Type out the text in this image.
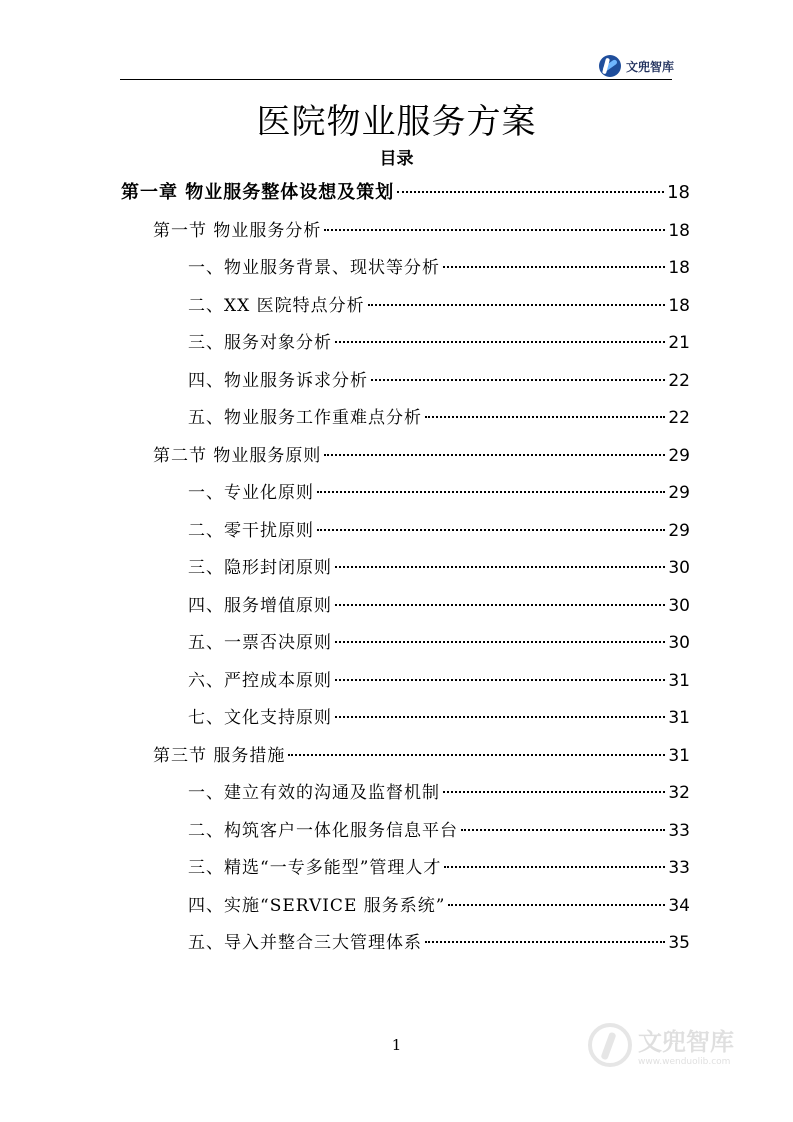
文兜智库
医院物业服务方案
目录
第一章 物业服务整体设想及策划	18
第一节 物业服务分析	18
一、物业服务背景、现状等分析	18
二、XX 医院特点分析	18
三、服务对象分析	21
四、物业服务诉求分析	22
五、物业服务工作重难点分析	22
第二节 物业服务原则	29
一、专业化原则	29
二、零干扰原则	29
三、隐形封闭原则	30
四、服务增值原则	30
五、一票否决原则	30
六、严控成本原则	31
七、文化支持原则	31
第三节 服务措施	31
一、建立有效的沟通及监督机制	32
二、构筑客户一体化服务信息平台	33
三、精选“一专多能型”管理人才	33
四、实施“SERVICE 服务系统”	34
五、导入并整合三大管理体系	35
1	文兜智库
www.wenduolib.com
